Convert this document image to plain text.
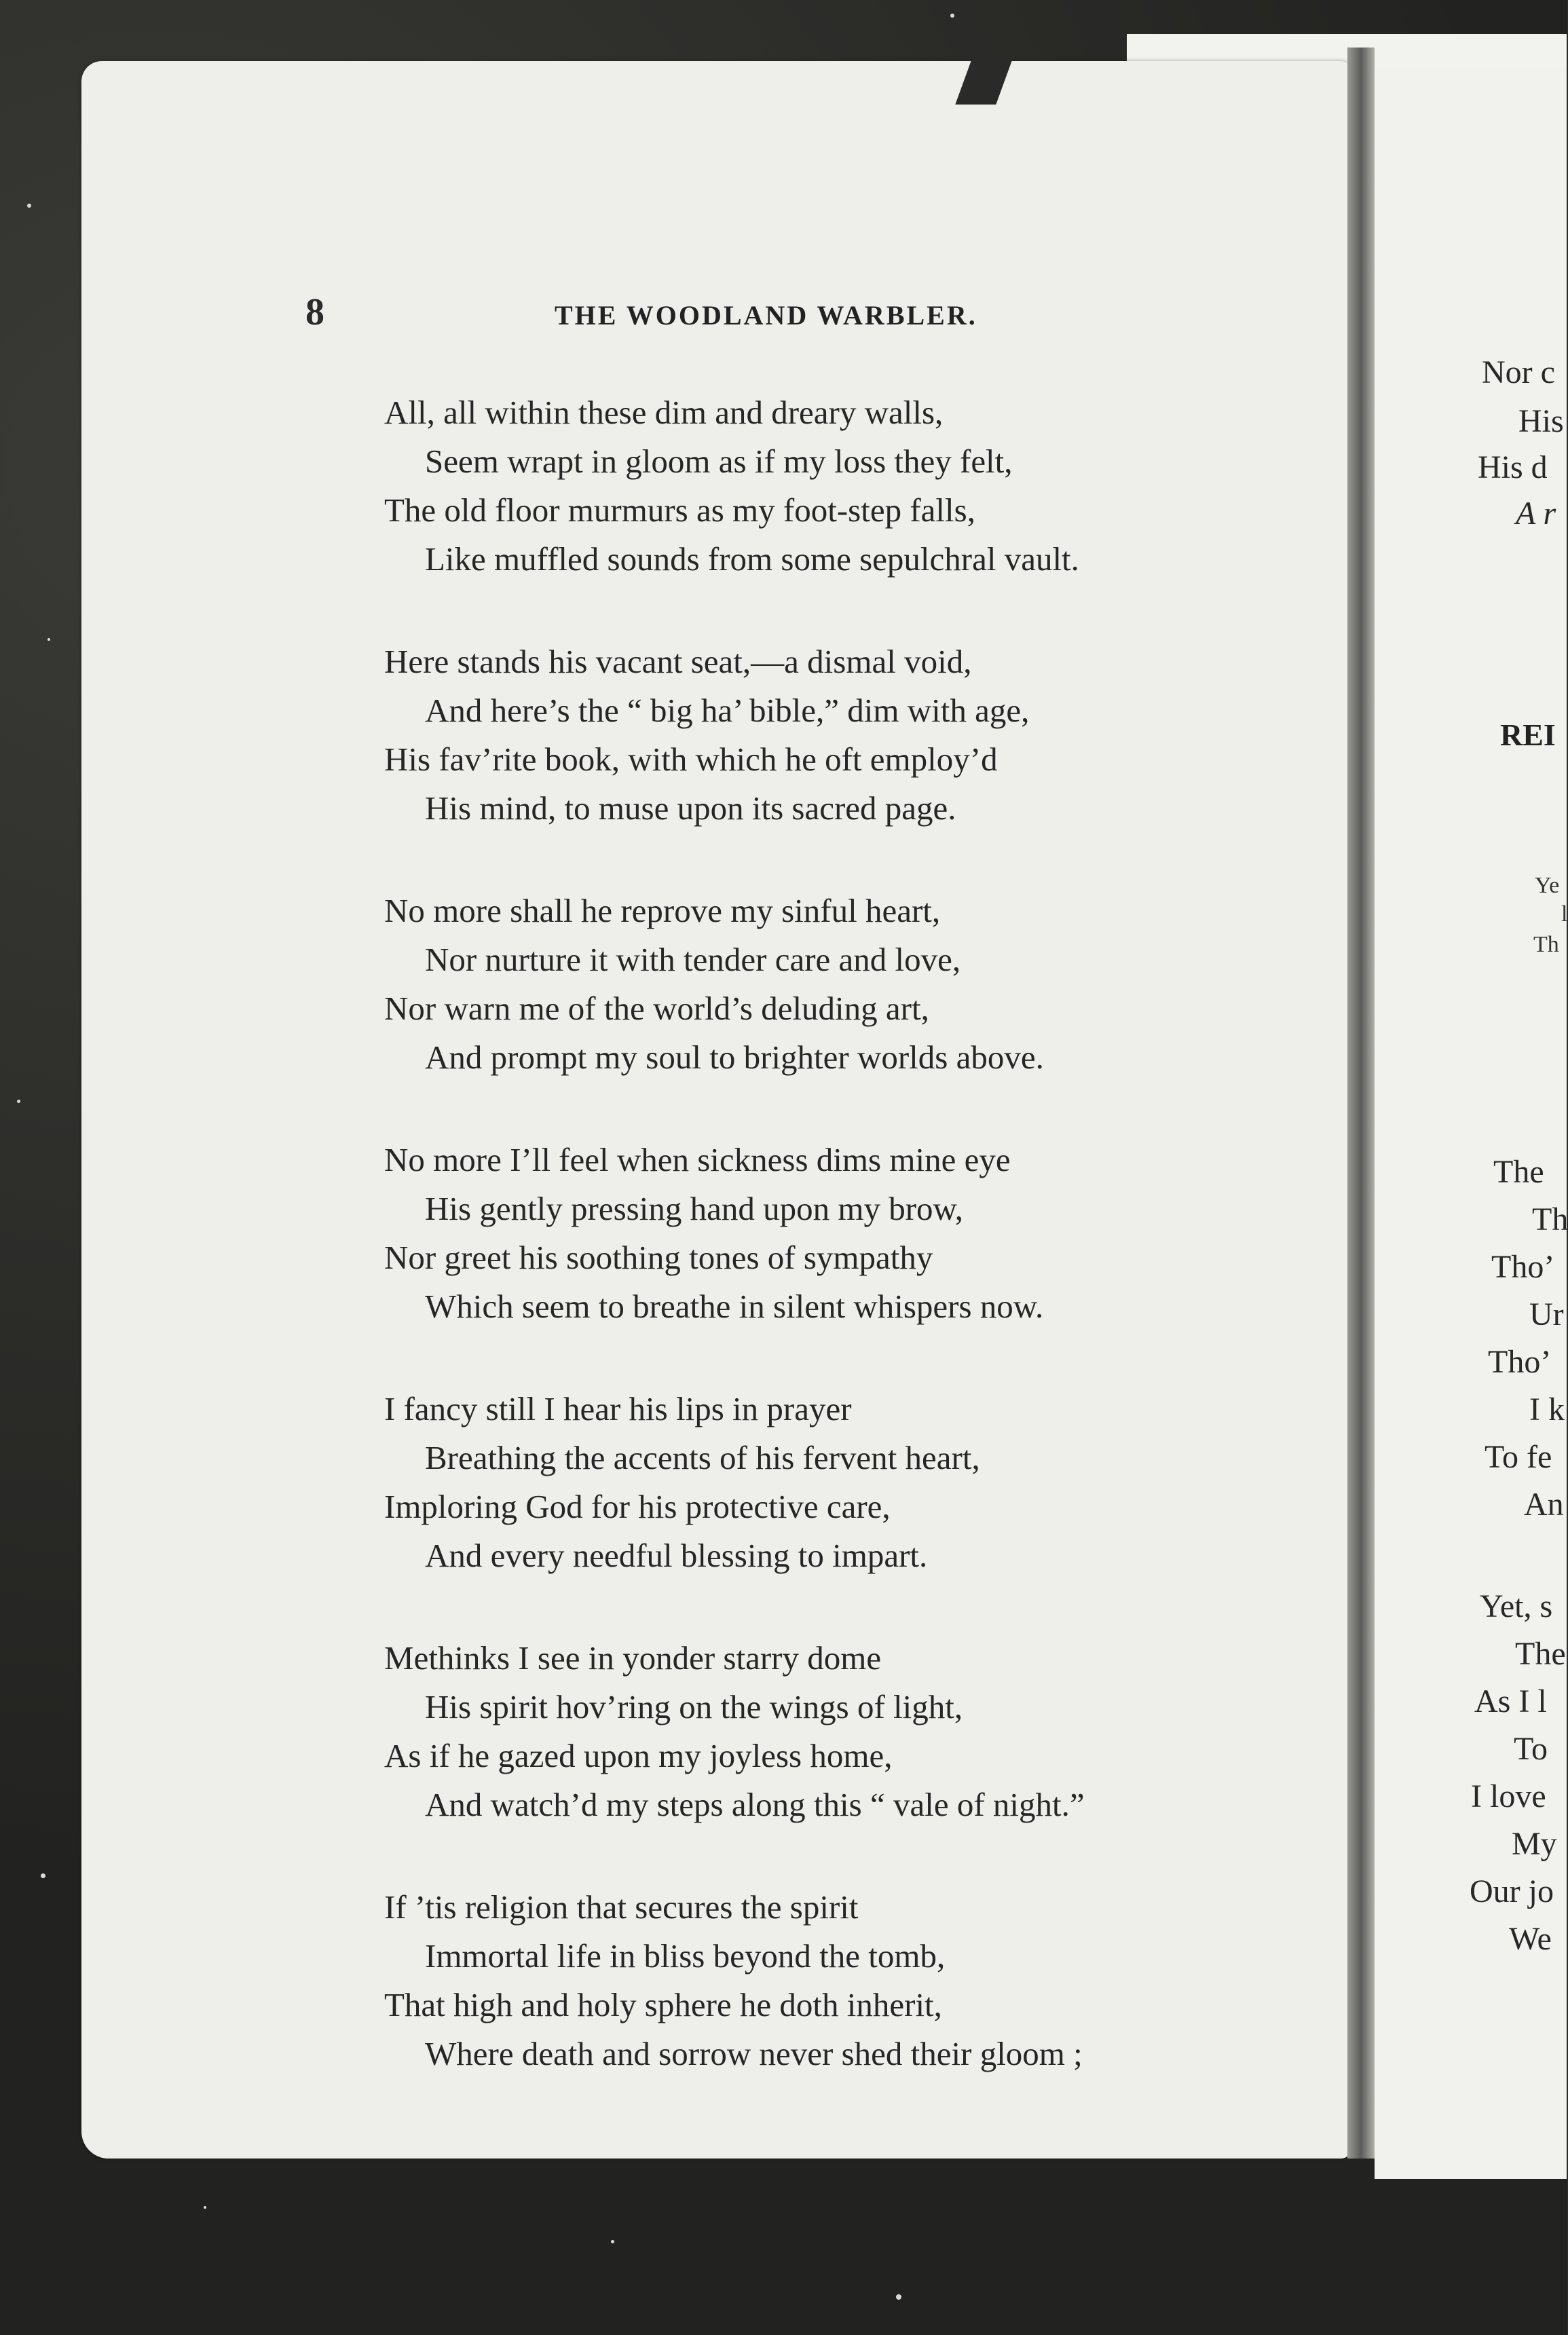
8	THE WOODLAND WARBLER.
All, all within these dim and dreary walls,
Seem wrapt in gloom as if my loss they felt,
The old floor murmurs as my foot-step falls,
Like muffled sounds from some sepulchral vault.
Here stands his vacant seat,—a dismal void,
And here’s the “ big ha’ bible,” dim with age,
His fav’rite book, with which he oft employ’d
His mind, to muse upon its sacred page.
No more shall he reprove my sinful heart,
Nor nurture it with tender care and love,
Nor warn me of the world’s deluding art,
And prompt my soul to brighter worlds above.
No more I’ll feel when sickness dims mine eye
His gently pressing hand upon my brow,
Nor greet his soothing tones of sympathy
Which seem to breathe in silent whispers now.
I fancy still I hear his lips in prayer
Breathing the accents of his fervent heart,
Imploring God for his protective care,
And every needful blessing to impart.
Methinks I see in yonder starry dome
His spirit hov’ring on the wings of light,
As if he gazed upon my joyless home,
And watch’d my steps along this “ vale of night.”
If ’tis religion that secures the spirit
Immortal life in bliss beyond the tomb,
That high and holy sphere he doth inherit,
Where death and sorrow never shed their gloom ;
Nor c
His
His d
A r
REI
Ye
l
Th
The
Th
Tho’
Ur
Tho’
I k
To fe
An
Yet, s
The
As I l
To
I love
My
Our jo
We
